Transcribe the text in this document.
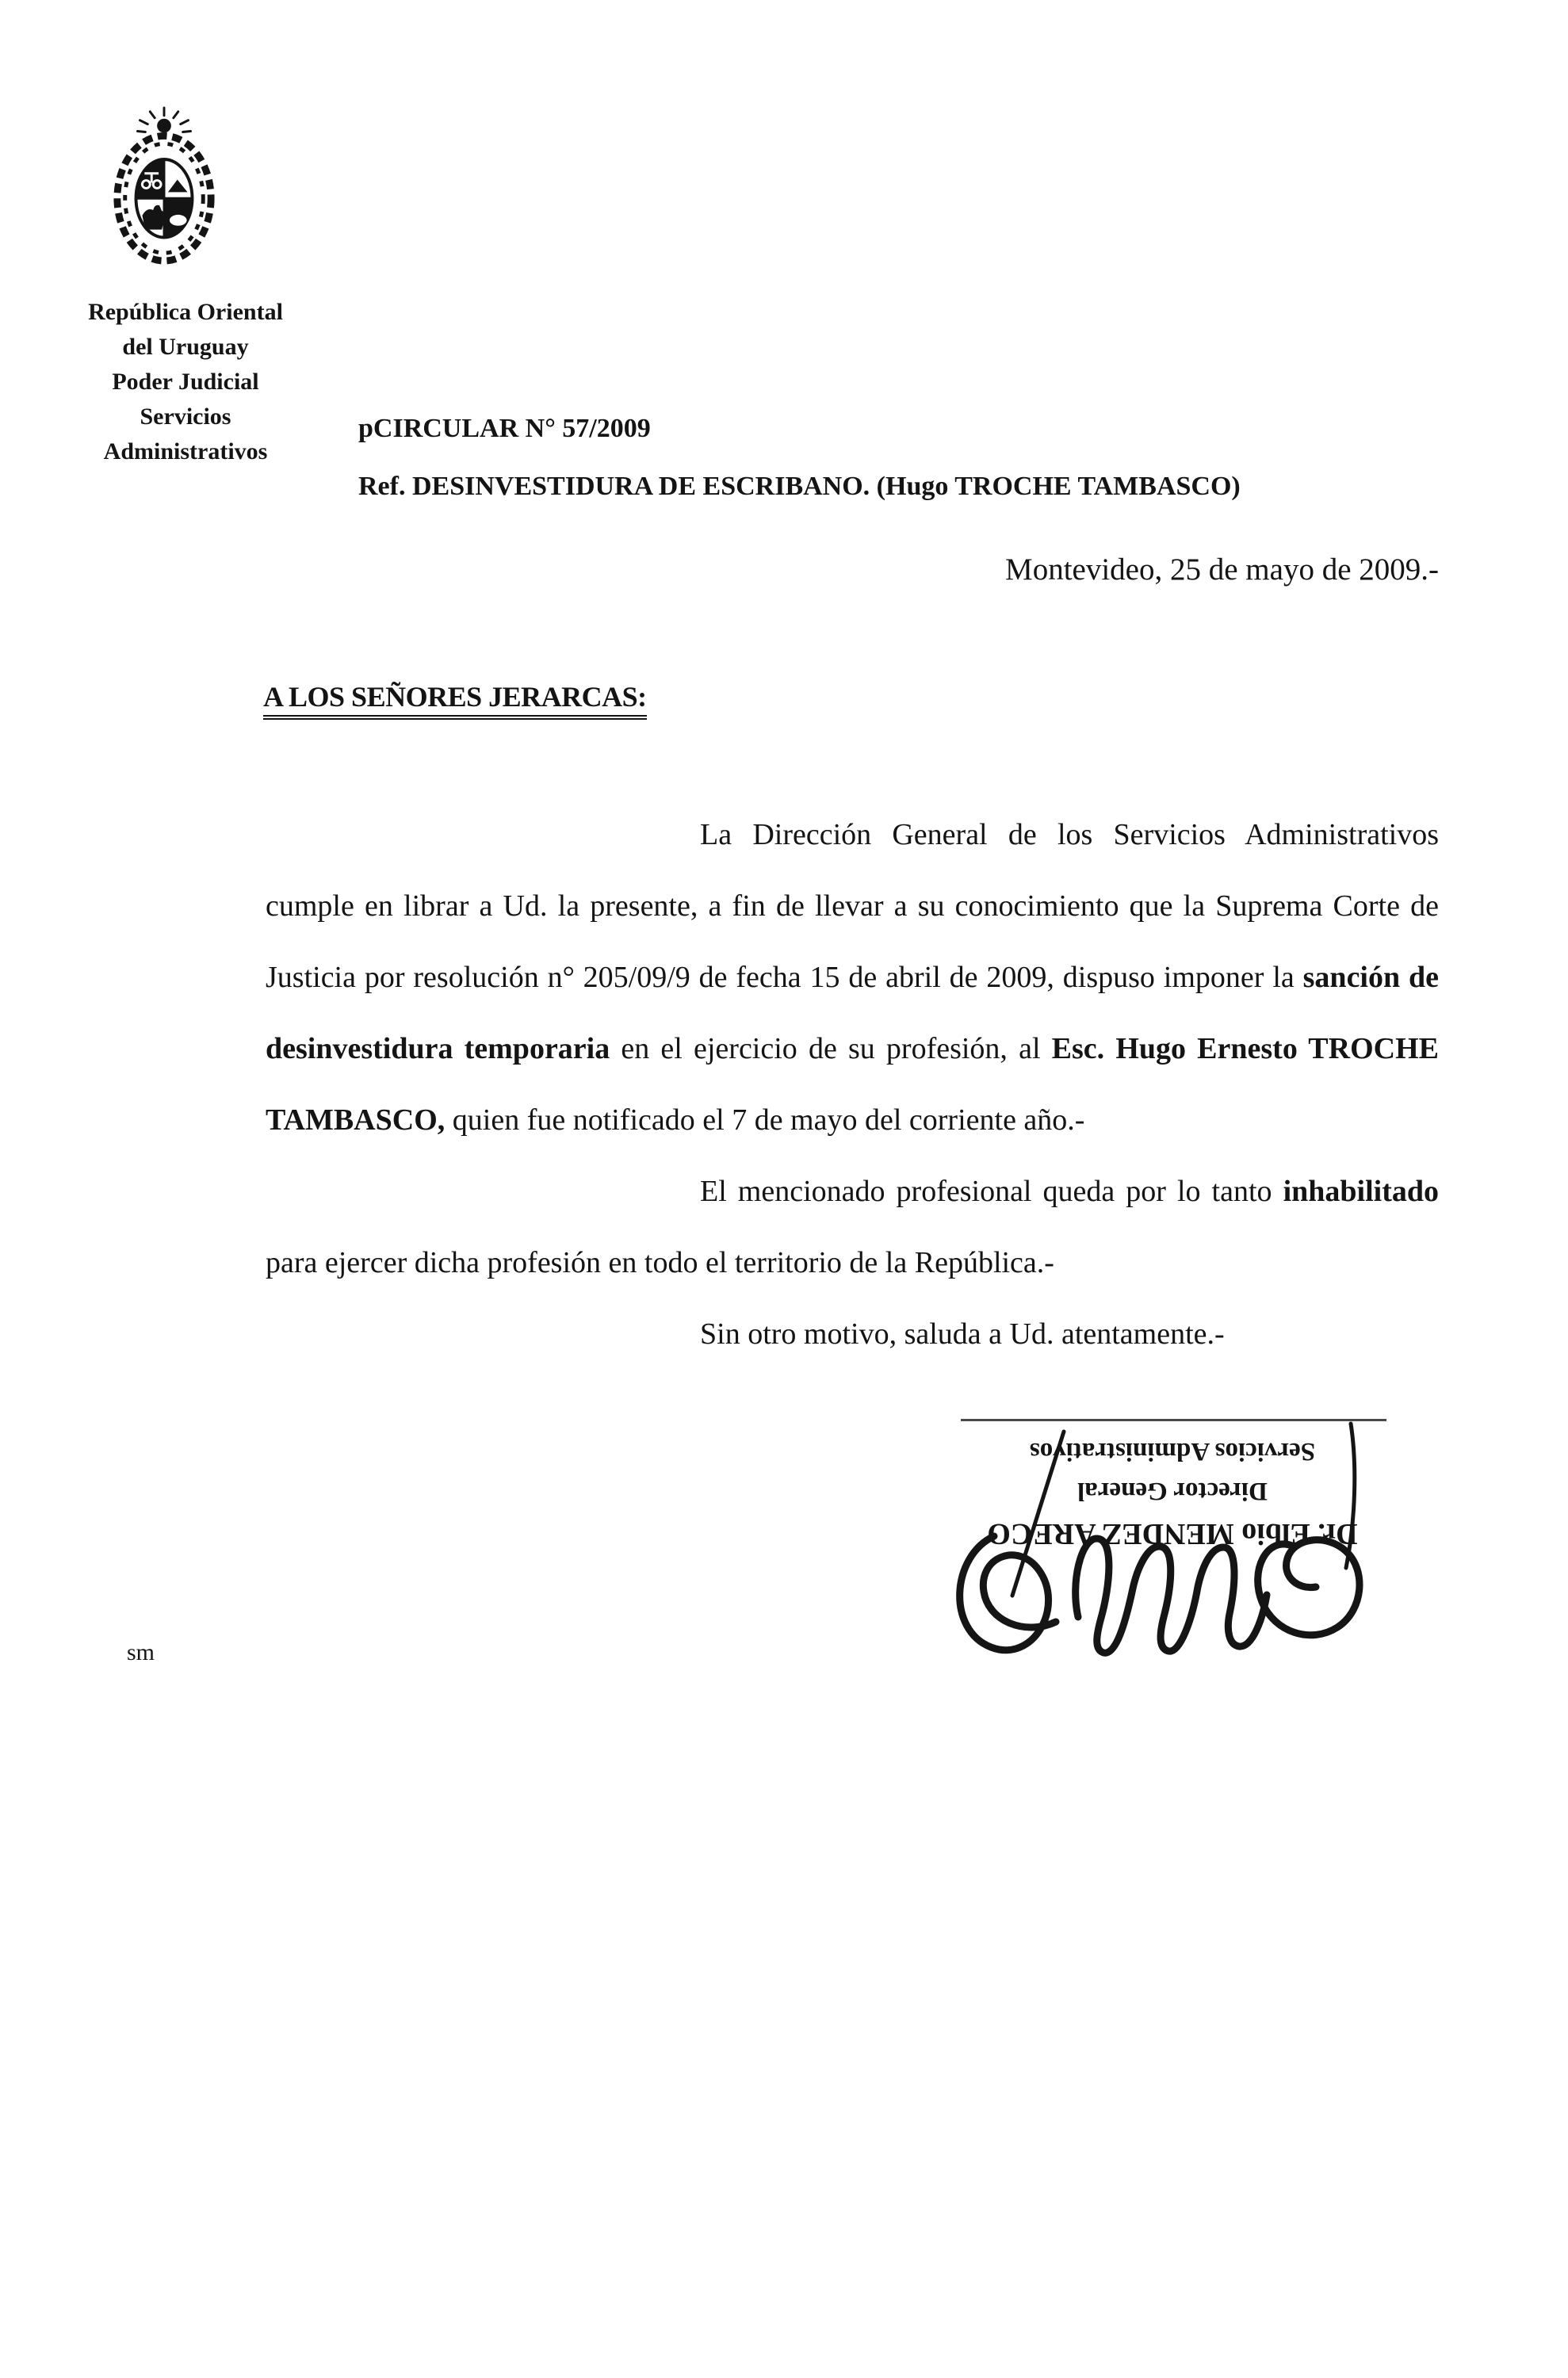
República Oriental
del Uruguay
Poder Judicial
Servicios
Administrativos
pCIRCULAR N° 57/2009
Ref. DESINVESTIDURA DE ESCRIBANO. (Hugo TROCHE TAMBASCO)
Montevideo, 25 de mayo de 2009.-
A LOS SEÑORES JERARCAS:

La Dirección General de los Servicios Administrativos cumple en librar a Ud. la presente, a fin de llevar a su conocimiento que la Suprema Corte de Justicia por resolución n° 205/09/9 de fecha 15 de abril de 2009, dispuso imponer la sanción de desinvestidura temporaria en el ejercicio de su profesión, al Esc. Hugo Ernesto TROCHE TAMBASCO, quien fue notificado el 7 de mayo del corriente año.-

El mencionado profesional queda por lo tanto inhabilitado para ejercer dicha profesión en todo el territorio de la República.-

Sin otro motivo, saluda a Ud. atentamente.-

Dr. Elbio MENDEZ ARECO
Director General
Servicios Administrativos
sm
